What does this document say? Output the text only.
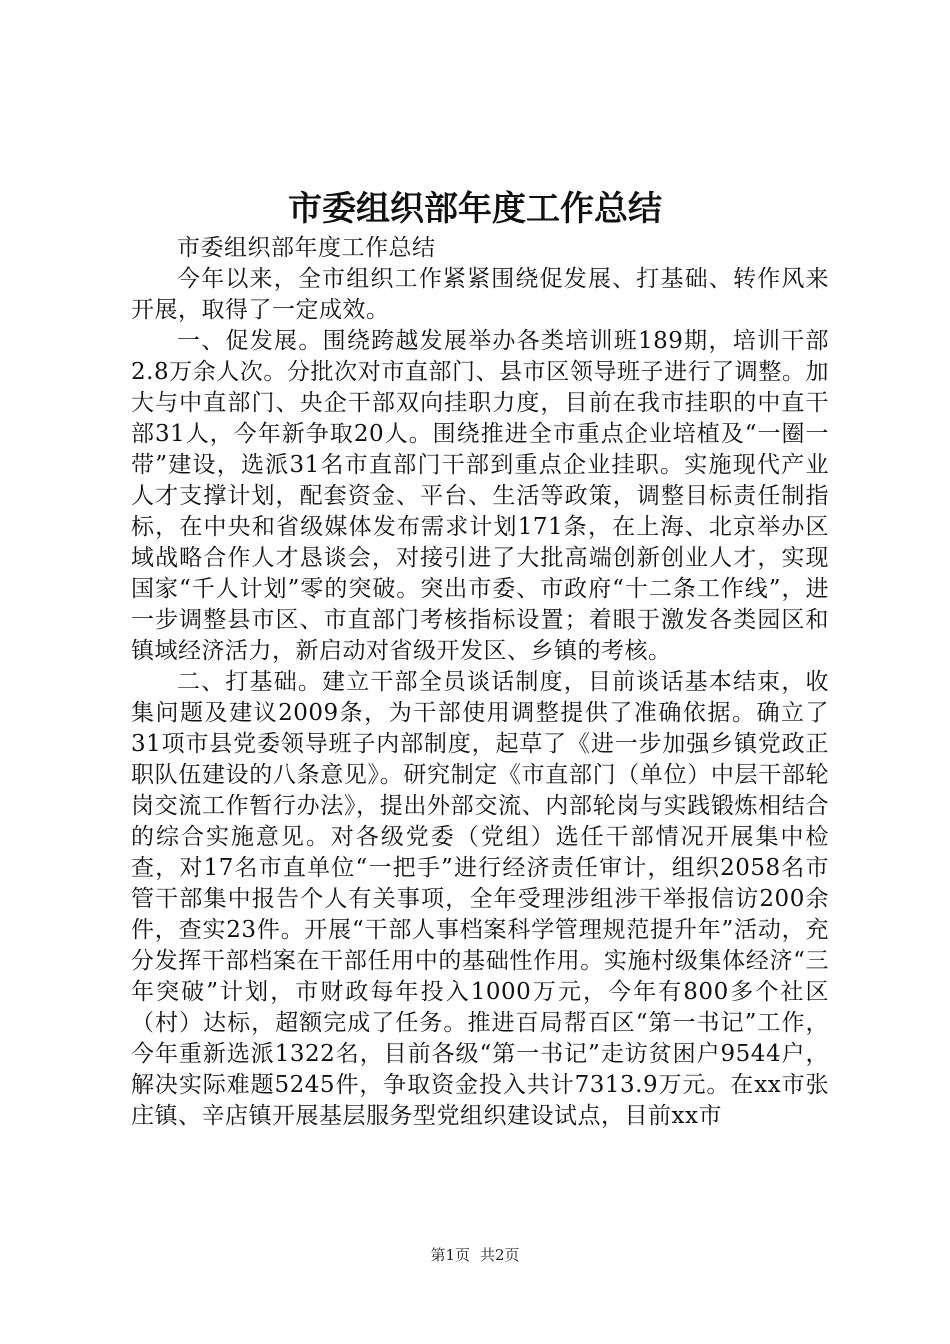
市委组织部年度工作总结

市委组织部年度工作总结

今年以来，全市组织工作紧紧围绕促发展、打基础、转作风来开展，取得了一定成效。

一、促发展。围绕跨越发展举办各类培训班189期，培训干部2.8万余人次。分批次对市直部门、县市区领导班子进行了调整。加大与中直部门、央企干部双向挂职力度，目前在我市挂职的中直干部31人，今年新争取20人。围绕推进全市重点企业培植及“一圈一带”建设，选派31名市直部门干部到重点企业挂职。实施现代产业人才支撑计划，配套资金、平台、生活等政策，调整目标责任制指标，在中央和省级媒体发布需求计划171条，在上海、北京举办区域战略合作人才恳谈会，对接引进了大批高端创新创业人才，实现国家“千人计划”零的突破。突出市委、市政府“十二条工作线”，进一步调整县市区、市直部门考核指标设置；着眼于激发各类园区和镇域经济活力，新启动对省级开发区、乡镇的考核。

二、打基础。建立干部全员谈话制度，目前谈话基本结束，收集问题及建议2009条，为干部使用调整提供了准确依据。确立了31项市县党委领导班子内部制度，起草了《进一步加强乡镇党政正职队伍建设的八条意见》。研究制定《市直部门（单位）中层干部轮岗交流工作暂行办法》，提出外部交流、内部轮岗与实践锻炼相结合的综合实施意见。对各级党委（党组）选任干部情况开展集中检查，对17名市直单位“一把手”进行经济责任审计，组织2058名市管干部集中报告个人有关事项，全年受理涉组涉干举报信访200余件，查实23件。开展“干部人事档案科学管理规范提升年”活动，充分发挥干部档案在干部任用中的基础性作用。实施村级集体经济“三年突破”计划，市财政每年投入1000万元，今年有800多个社区（村）达标，超额完成了任务。推进百局帮百区“第一书记”工作，今年重新选派1322名，目前各级“第一书记”走访贫困户9544户，解决实际难题5245件，争取资金投入共计7313.9万元。在xx市张庄镇、辛店镇开展基层服务型党组织建设试点，目前xx市

第1页 共2页
